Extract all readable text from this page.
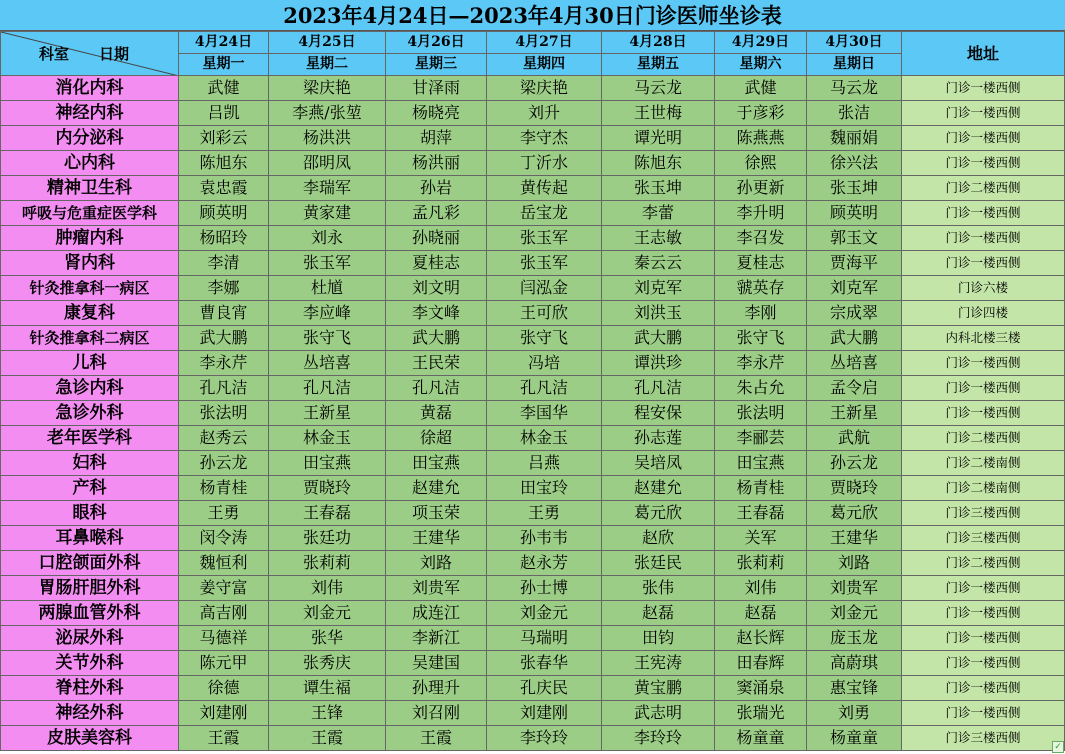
2023年4月24日—2023年4月30日门诊医师坐诊表
科室　　日期	4月24日	4月25日	4月26日	4月27日	4月28日	4月29日	4月30日	地址
	星期一	星期二	星期三	星期四	星期五	星期六	星期日	
消化内科	武健	梁庆艳	甘泽雨	梁庆艳	马云龙	武健	马云龙	门诊一楼西侧
神经内科	吕凯	李燕/张堃	杨晓亮	刘升	王世梅	于彦彩	张洁	门诊一楼西侧
内分泌科	刘彩云	杨洪洪	胡萍	李守杰	谭光明	陈燕燕	魏丽娟	门诊一楼西侧
心内科	陈旭东	邵明凤	杨洪丽	丁沂水	陈旭东	徐熙	徐兴法	门诊一楼西侧
精神卫生科	袁忠霞	李瑞军	孙岩	黄传起	张玉坤	孙更新	张玉坤	门诊二楼西侧
呼吸与危重症医学科	顾英明	黄家建	孟凡彩	岳宝龙	李蕾	李升明	顾英明	门诊一楼西侧
肿瘤内科	杨昭玲	刘永	孙晓丽	张玉军	王志敏	李召发	郭玉文	门诊一楼西侧
肾内科	李清	张玉军	夏桂志	张玉军	秦云云	夏桂志	贾海平	门诊一楼西侧
针灸推拿科一病区	李娜	杜馗	刘文明	闫泓金	刘克军	虢英存	刘克军	门诊六楼
康复科	曹良宵	李应峰	李文峰	王可欣	刘洪玉	李刚	宗成翠	门诊四楼
针灸推拿科二病区	武大鹏	张守飞	武大鹏	张守飞	武大鹏	张守飞	武大鹏	内科北楼三楼
儿科	李永芹	丛培喜	王民荣	冯培	谭洪珍	李永芹	丛培喜	门诊一楼西侧
急诊内科	孔凡洁	孔凡洁	孔凡洁	孔凡洁	孔凡洁	朱占允	孟令启	门诊一楼西侧
急诊外科	张法明	王新星	黄磊	李国华	程安保	张法明	王新星	门诊一楼西侧
老年医学科	赵秀云	林金玉	徐超	林金玉	孙志莲	李郦芸	武航	门诊二楼西侧
妇科	孙云龙	田宝燕	田宝燕	吕燕	吴培凤	田宝燕	孙云龙	门诊二楼南侧
产科	杨青桂	贾晓玲	赵建允	田宝玲	赵建允	杨青桂	贾晓玲	门诊二楼南侧
眼科	王勇	王春磊	项玉荣	王勇	葛元欣	王春磊	葛元欣	门诊三楼西侧
耳鼻喉科	闵令涛	张廷功	王建华	孙韦韦	赵欣	关军	王建华	门诊三楼西侧
口腔颌面外科	魏恒利	张莉莉	刘路	赵永芳	张廷民	张莉莉	刘路	门诊二楼西侧
胃肠肝胆外科	姜守富	刘伟	刘贵军	孙士博	张伟	刘伟	刘贵军	门诊一楼西侧
两腺血管外科	高吉刚	刘金元	成连江	刘金元	赵磊	赵磊	刘金元	门诊一楼西侧
泌尿外科	马德祥	张华	李新江	马瑞明	田钧	赵长辉	庞玉龙	门诊一楼西侧
关节外科	陈元甲	张秀庆	吴建国	张春华	王宪涛	田春辉	高蔚琪	门诊一楼西侧
脊柱外科	徐德	谭生福	孙理升	孔庆民	黄宝鹏	窦涌泉	惠宝锋	门诊一楼西侧
神经外科	刘建刚	王锋	刘召刚	刘建刚	武志明	张瑞光	刘勇	门诊一楼西侧
皮肤美容科	王霞	王霞	王霞	李玲玲	李玲玲	杨童童	杨童童	门诊三楼西侧
✓
